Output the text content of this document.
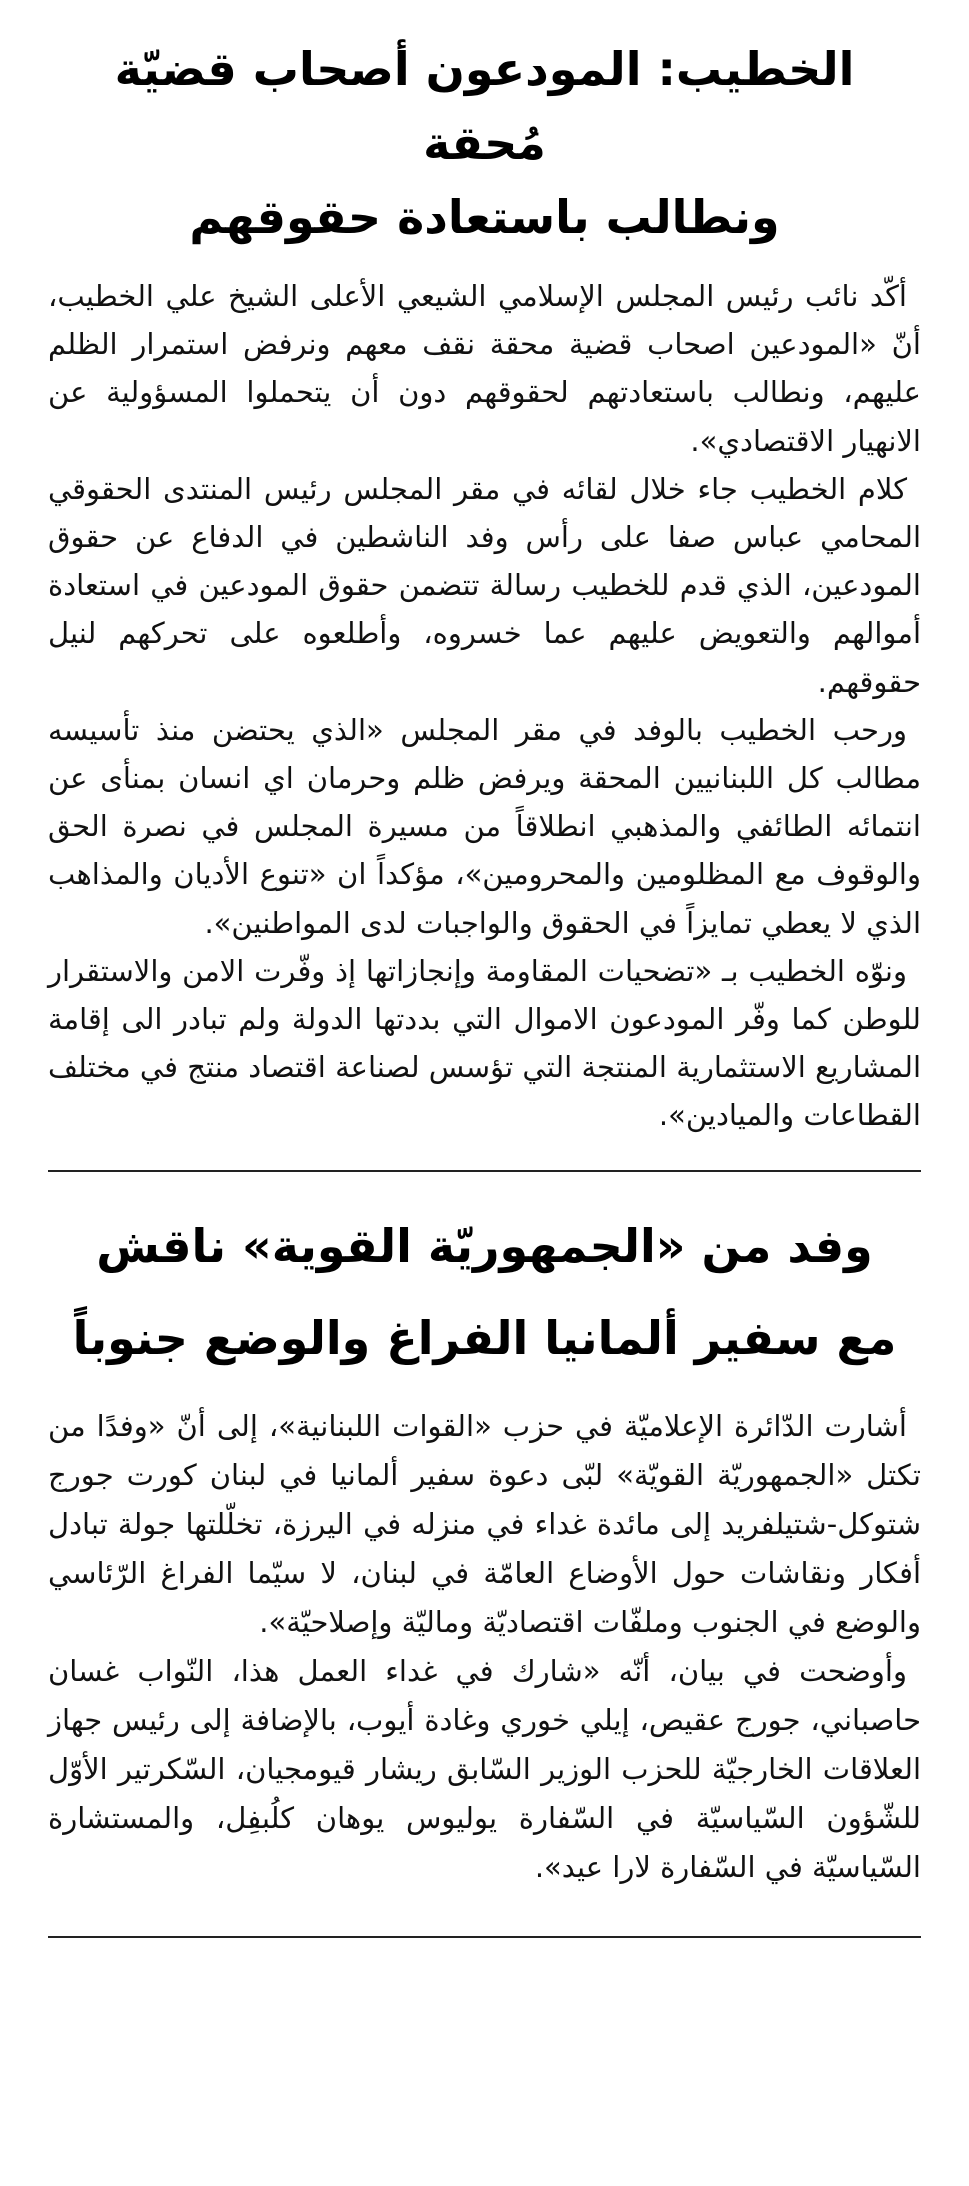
الخطيب: المودعون أصحاب قضيّة مُحقة
ونطالب باستعادة حقوقهم

أكّد نائب رئيس المجلس الإسلامي الشيعي الأعلى الشيخ علي الخطيب، أنّ «المودعين اصحاب قضية محقة نقف معهم ونرفض استمرار الظلم عليهم، ونطالب باستعادتهم لحقوقهم دون أن يتحملوا المسؤولية عن الانهيار الاقتصادي».

كلام الخطيب جاء خلال لقائه في مقر المجلس رئيس المنتدى الحقوقي المحامي عباس صفا على رأس وفد الناشطين في الدفاع عن حقوق المودعين، الذي قدم للخطيب رسالة تتضمن حقوق المودعين في استعادة أموالهم والتعويض عليهم عما خسروه، وأطلعوه على تحركهم لنيل حقوقهم.

ورحب الخطيب بالوفد في مقر المجلس «الذي يحتضن منذ تأسيسه مطالب كل اللبنانيين المحقة ويرفض ظلم وحرمان اي انسان بمنأى عن انتمائه الطائفي والمذهبي انطلاقاً من مسيرة المجلس في نصرة الحق والوقوف مع المظلومين والمحرومين»، مؤكداً ان «تنوع الأديان والمذاهب الذي لا يعطي تمايزاً في الحقوق والواجبات لدى المواطنين».

ونوّه الخطيب بـ «تضحيات المقاومة وإنجازاتها إذ وفّرت الامن والاستقرار للوطن كما وفّر المودعون الاموال التي بددتها الدولة ولم تبادر الى إقامة المشاريع الاستثمارية المنتجة التي تؤسس لصناعة اقتصاد منتج في مختلف القطاعات والميادين».

وفد من «الجمهوريّة القوية» ناقش
مع سفير ألمانيا الفراغ والوضع جنوباً

أشارت الدّائرة الإعلاميّة في حزب «القوات اللبنانية»، إلى أنّ «وفدًا من تكتل «الجمهوريّة القويّة» لبّى دعوة سفير ألمانيا في لبنان كورت جورج شتوكل-شتيلفريد إلى مائدة غداء في منزله في اليرزة، تخلّلتها جولة تبادل أفكار ونقاشات حول الأوضاع العامّة في لبنان، لا سيّما الفراغ الرّئاسي والوضع في الجنوب وملفّات اقتصاديّة وماليّة وإصلاحيّة».

وأوضحت في بيان، أنّه «شارك في غداء العمل هذا، النّواب غسان حاصباني، جورج عقيص، إيلي خوري وغادة أيوب، بالإضافة إلى رئيس جهاز العلاقات الخارجيّة للحزب الوزير السّابق ريشار قيومجيان، السّكرتير الأوّل للشّؤون السّياسيّة في السّفارة يوليوس يوهان كلُبفِل، والمستشارة السّياسيّة في السّفارة لارا عيد».
